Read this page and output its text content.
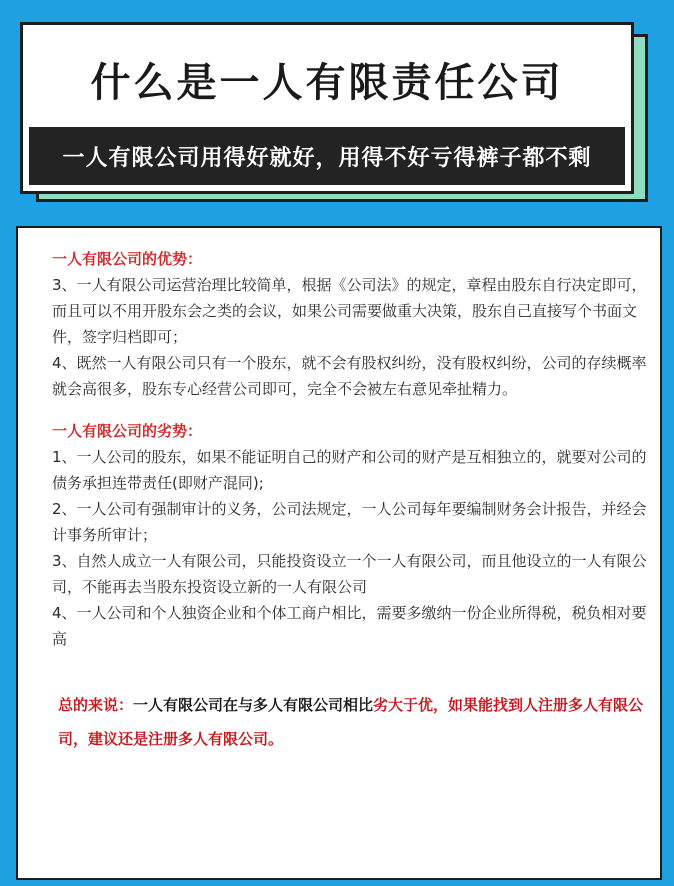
什么是一人有限责任公司
一人有限公司用得好就好，用得不好亏得裤子都不剩
一人有限公司的优势：

3、一人有限公司运营治理比较简单，根据《公司法》的规定，章程由股东自行决定即可，而且可以不用开股东会之类的会议，如果公司需要做重大决策，股东自己直接写个书面文件，签字归档即可；

4、既然一人有限公司只有一个股东，就不会有股权纠纷，没有股权纠纷，公司的存续概率就会高很多，股东专心经营公司即可，完全不会被左右意见牵扯精力。

一人有限公司的劣势：

1、一人公司的股东，如果不能证明自己的财产和公司的财产是互相独立的，就要对公司的债务承担连带责任(即财产混同);

2、一人公司有强制审计的义务，公司法规定，一人公司每年要编制财务会计报告，并经会计事务所审计；

3、自然人成立一人有限公司，只能投资设立一个一人有限公司，而且他设立的一人有限公司，不能再去当股东投资设立新的一人有限公司

4、一人公司和个人独资企业和个体工商户相比，需要多缴纳一份企业所得税，税负相对要高

总的来说：一人有限公司在与多人有限公司相比劣大于优，如果能找到人注册多人有限公司，建议还是注册多人有限公司。
